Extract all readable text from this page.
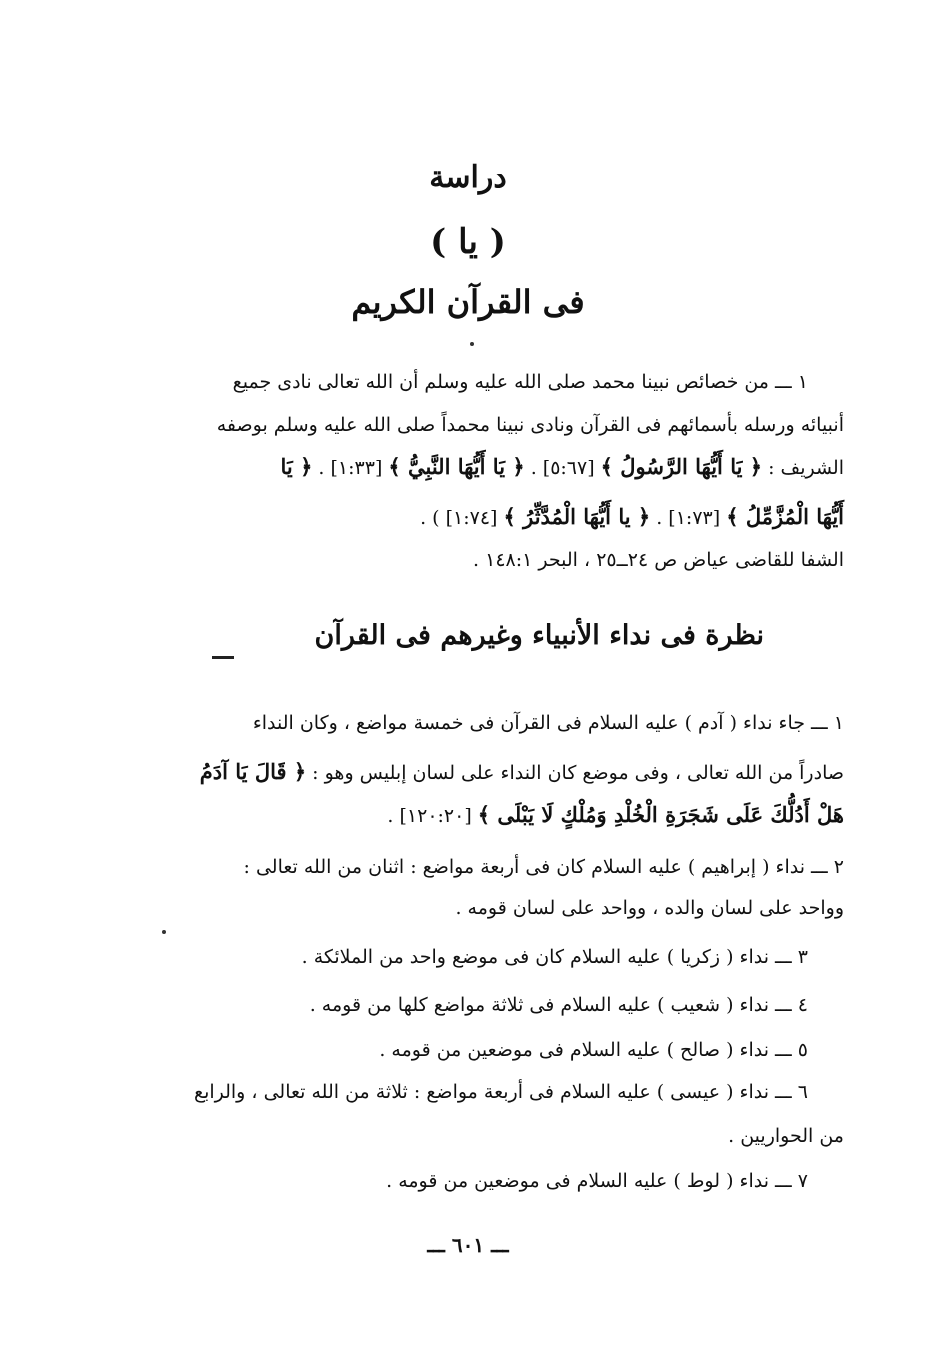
دراسة
( يا )
فى القرآن الكريم
١ ـــ من خصائص نبينا محمد صلى الله عليه وسلم أن الله تعالى نادى جميع
أنبيائه ورسله بأسمائهم فى القرآن ونادى نبينا محمداً صلى الله عليه وسلم بوصفه
الشريف : ﴿ يَا أَيُّهَا الرَّسُولُ ﴾ [٥:٦٧] . ﴿ يَا أَيُّهَا النَّبِيُّ ﴾ [١:٣٣] . ﴿ يَا
أَيُّهَا الْمُزَّمِّلُ ﴾ [١:٧٣] . ﴿ يا أَيُّهَا الْمُدَّثِّرُ ﴾ [١:٧٤] ) .
الشفا للقاضى عياض ص ٢٤ــ٢٥ ، البحر ١٤٨:١ .
نظرة فى نداء الأنبياء وغيرهم فى القرآن
١ ـــ جاء نداء ( آدم ) عليه السلام فى القرآن فى خمسة مواضع ، وكان النداء
صادراً من الله تعالى ، وفى موضع كان النداء على لسان إبليس وهو : ﴿ قَالَ يَا آدَمُ
هَلْ أَدُلُّكَ عَلَى شَجَرَةِ الْخُلْدِ وَمُلْكٍ لَا يَبْلَى ﴾ [١٢٠:٢٠] .
٢ ـــ نداء ( إبراهيم ) عليه السلام كان فى أربعة مواضع : اثنان من الله تعالى :
وواحد على لسان والده ، وواحد على لسان قومه .
٣ ـــ نداء ( زكريا ) عليه السلام كان فى موضع واحد من الملائكة .
٤ ـــ نداء ( شعيب ) عليه السلام فى ثلاثة مواضع كلها من قومه .
٥ ـــ نداء ( صالح ) عليه السلام فى موضعين من قومه .
٦ ـــ نداء ( عيسى ) عليه السلام فى أربعة مواضع : ثلاثة من الله تعالى ، والرابع
من الحواريين .
٧ ـــ نداء ( لوط ) عليه السلام فى موضعين من قومه .
ـــ ٦٠١ ـــ
